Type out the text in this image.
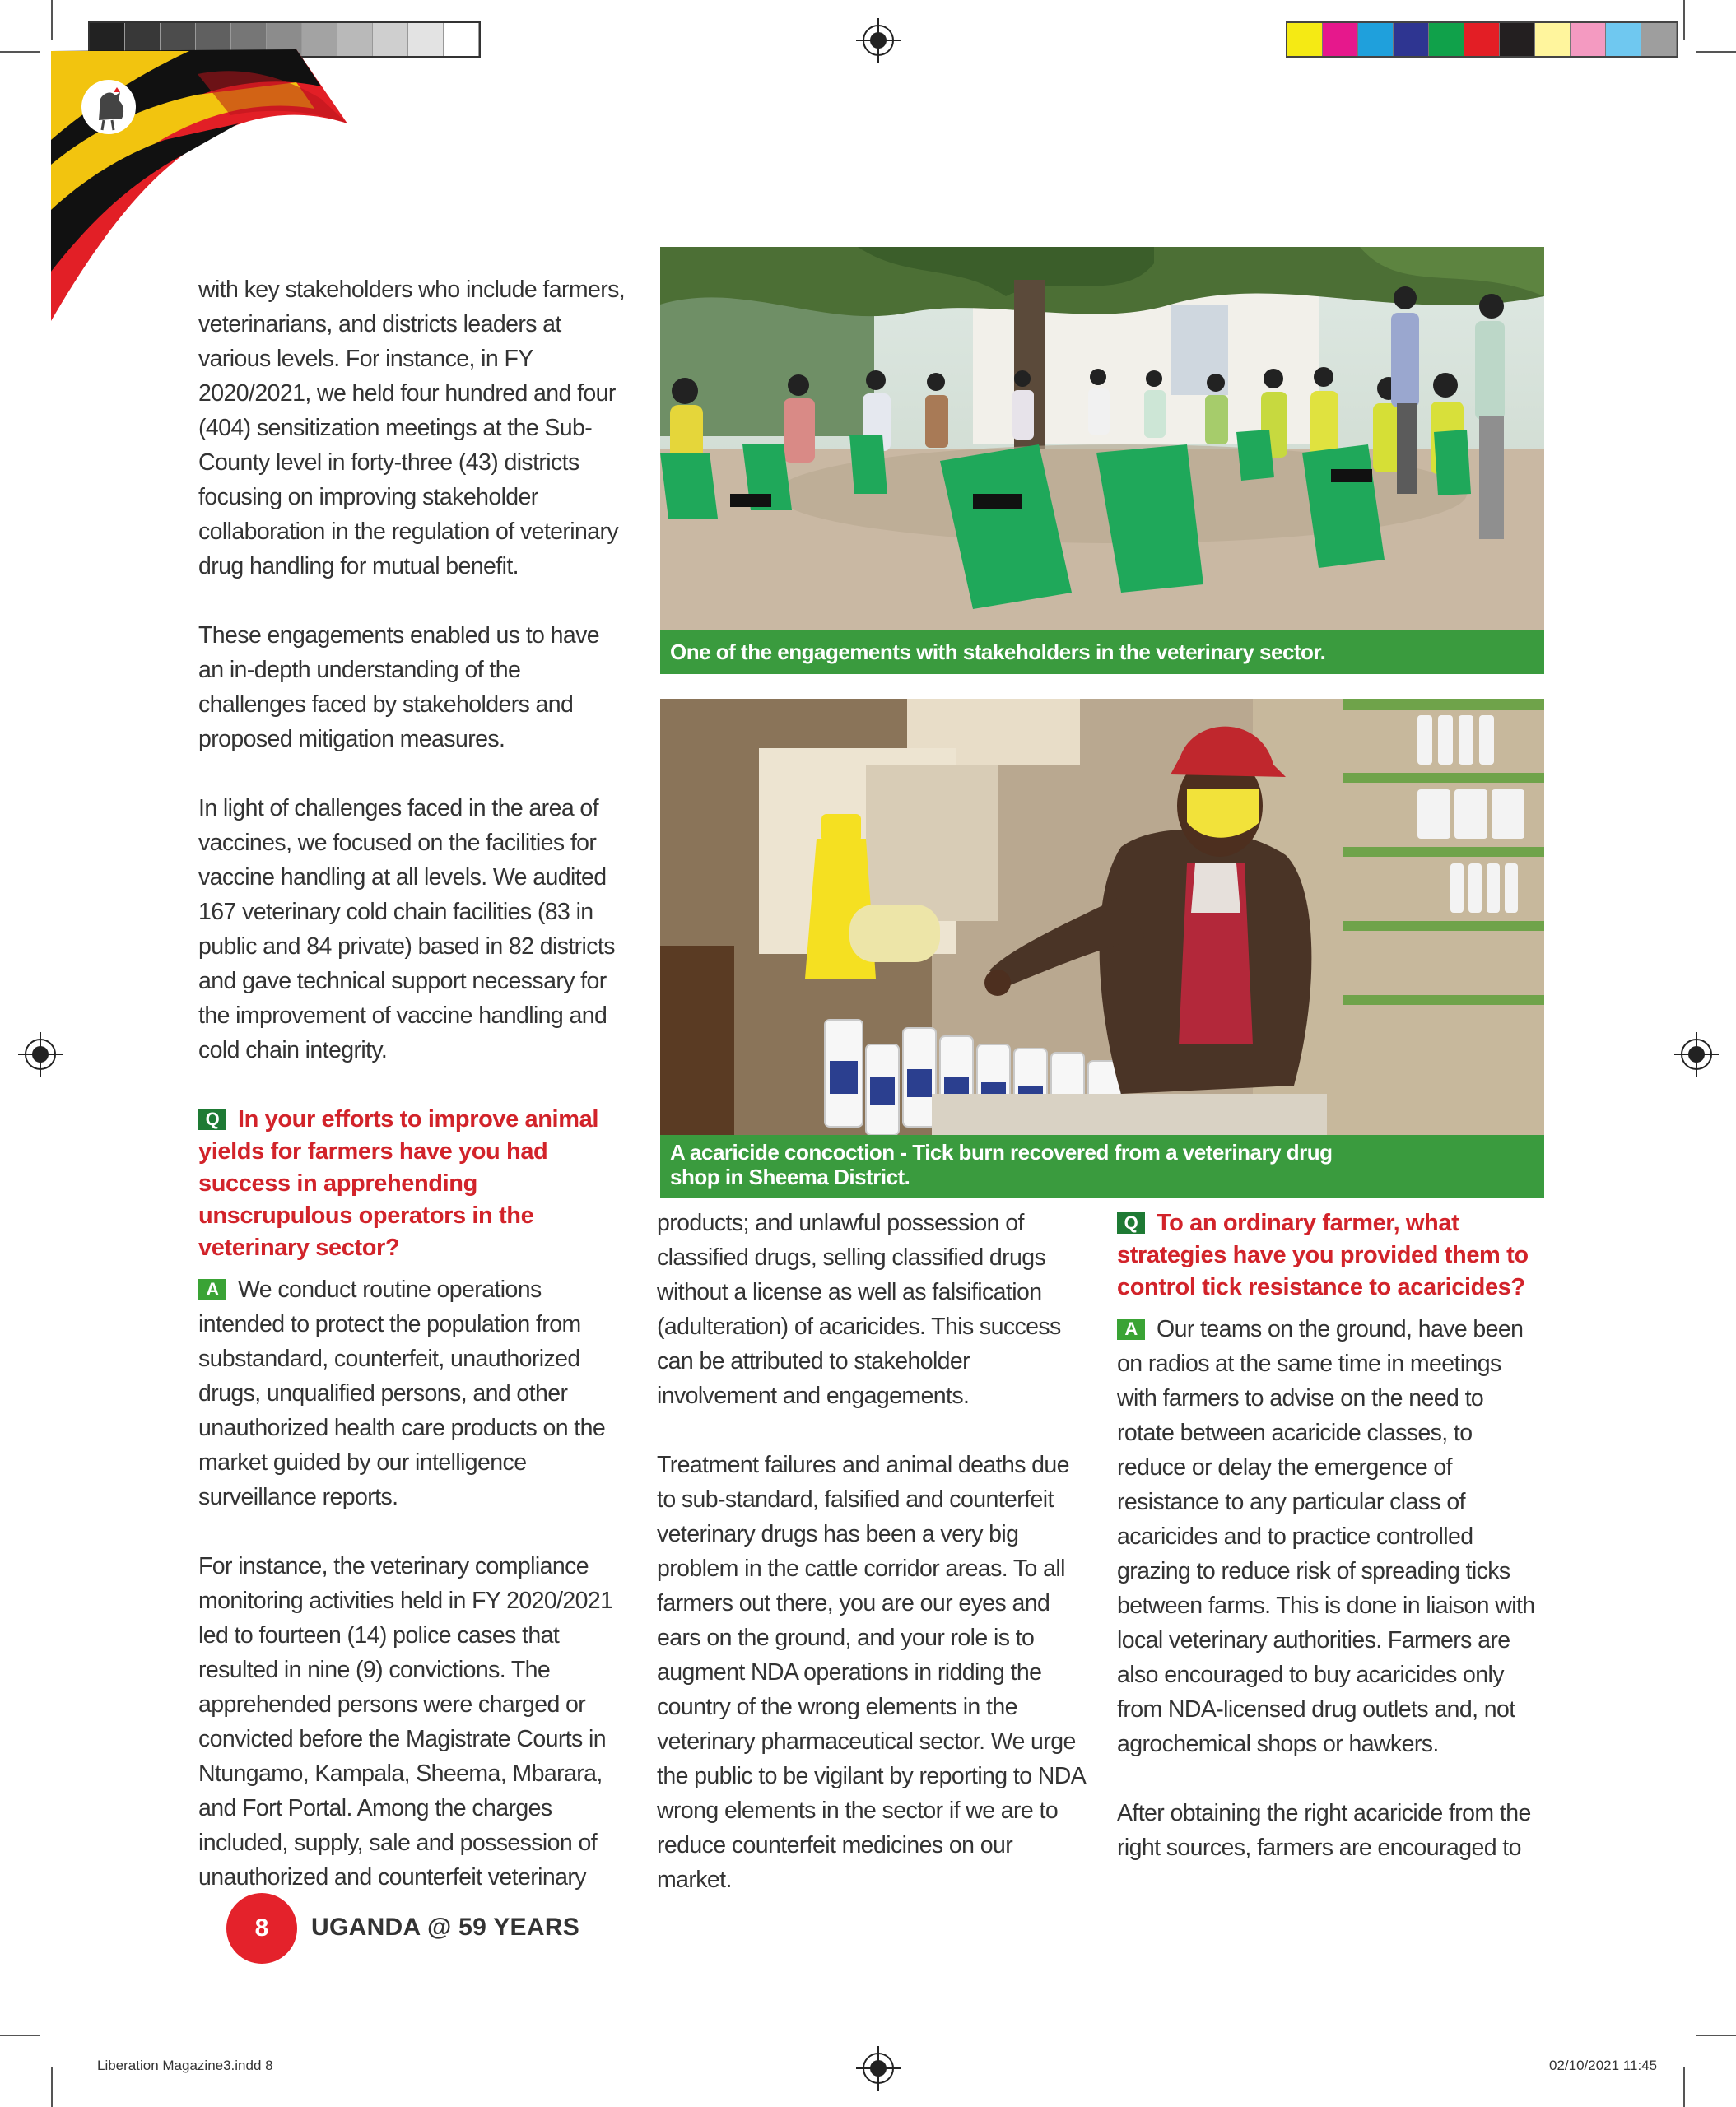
with key stakeholders who include farmers, veterinarians, and districts leaders at various levels. For instance, in FY 2020/2021, we held four hundred and four (404) sensitization meetings at the Sub-County level in forty-three (43) districts focusing on improving stakeholder collaboration in the regulation of veterinary drug handling for mutual benefit.

These engagements enabled us to have an in-depth understanding of the challenges faced by stakeholders and proposed mitigation measures.

In light of challenges faced in the area of vaccines, we focused on the facilities for vaccine handling at all levels. We audited 167 veterinary cold chain facilities (83 in public and 84 private) based in 82 districts and gave technical support necessary for the improvement of vaccine handling and cold chain integrity.

Q In your efforts to improve animal yields for farmers have you had success in apprehending unscrupulous operators in the veterinary sector?

A We conduct routine operations intended to protect the population from substandard, counterfeit, unauthorized drugs, unqualified persons, and other unauthorized health care products on the market guided by our intelligence surveillance reports.

For instance, the veterinary compliance monitoring activities held in FY 2020/2021 led to fourteen (14) police cases that resulted in nine (9) convictions. The apprehended persons were charged or convicted before the Magistrate Courts in Ntungamo, Kampala, Sheema, Mbarara, and Fort Portal. Among the charges included, supply, sale and possession of unauthorized and counterfeit veterinary

One of the engagements with stakeholders in the veterinary sector.
A acaricide concoction - Tick burn recovered from a veterinary drug
shop in Sheema District.

products; and unlawful possession of classified drugs, selling classified drugs without a license as well as falsification (adulteration) of acaricides. This success can be attributed to stakeholder involvement and engagements.

Treatment failures and animal deaths due to sub-standard, falsified and counterfeit veterinary drugs has been a very big problem in the cattle corridor areas. To all farmers out there, you are our eyes and ears on the ground, and your role is to augment NDA operations in ridding the country of the wrong elements in the veterinary pharmaceutical sector. We urge the public to be vigilant by reporting to NDA wrong elements in the sector if we are to reduce counterfeit medicines on our market.

Q To an ordinary farmer, what strategies have you provided them to control tick resistance to acaricides?

A Our teams on the ground, have been on radios at the same time in meetings with farmers to advise on the need to rotate between acaricide classes, to reduce or delay the emergence of resistance to any particular class of acaricides and to practice controlled grazing to reduce risk of spreading ticks between farms. This is done in liaison with local veterinary authorities. Farmers are also encouraged to buy acaricides only from NDA-licensed drug outlets and, not agrochemical shops or hawkers.

After obtaining the right acaricide from the right sources, farmers are encouraged to

8	UGANDA @ 59 YEARS
Liberation Magazine3.indd 8	02/10/2021 11:45
